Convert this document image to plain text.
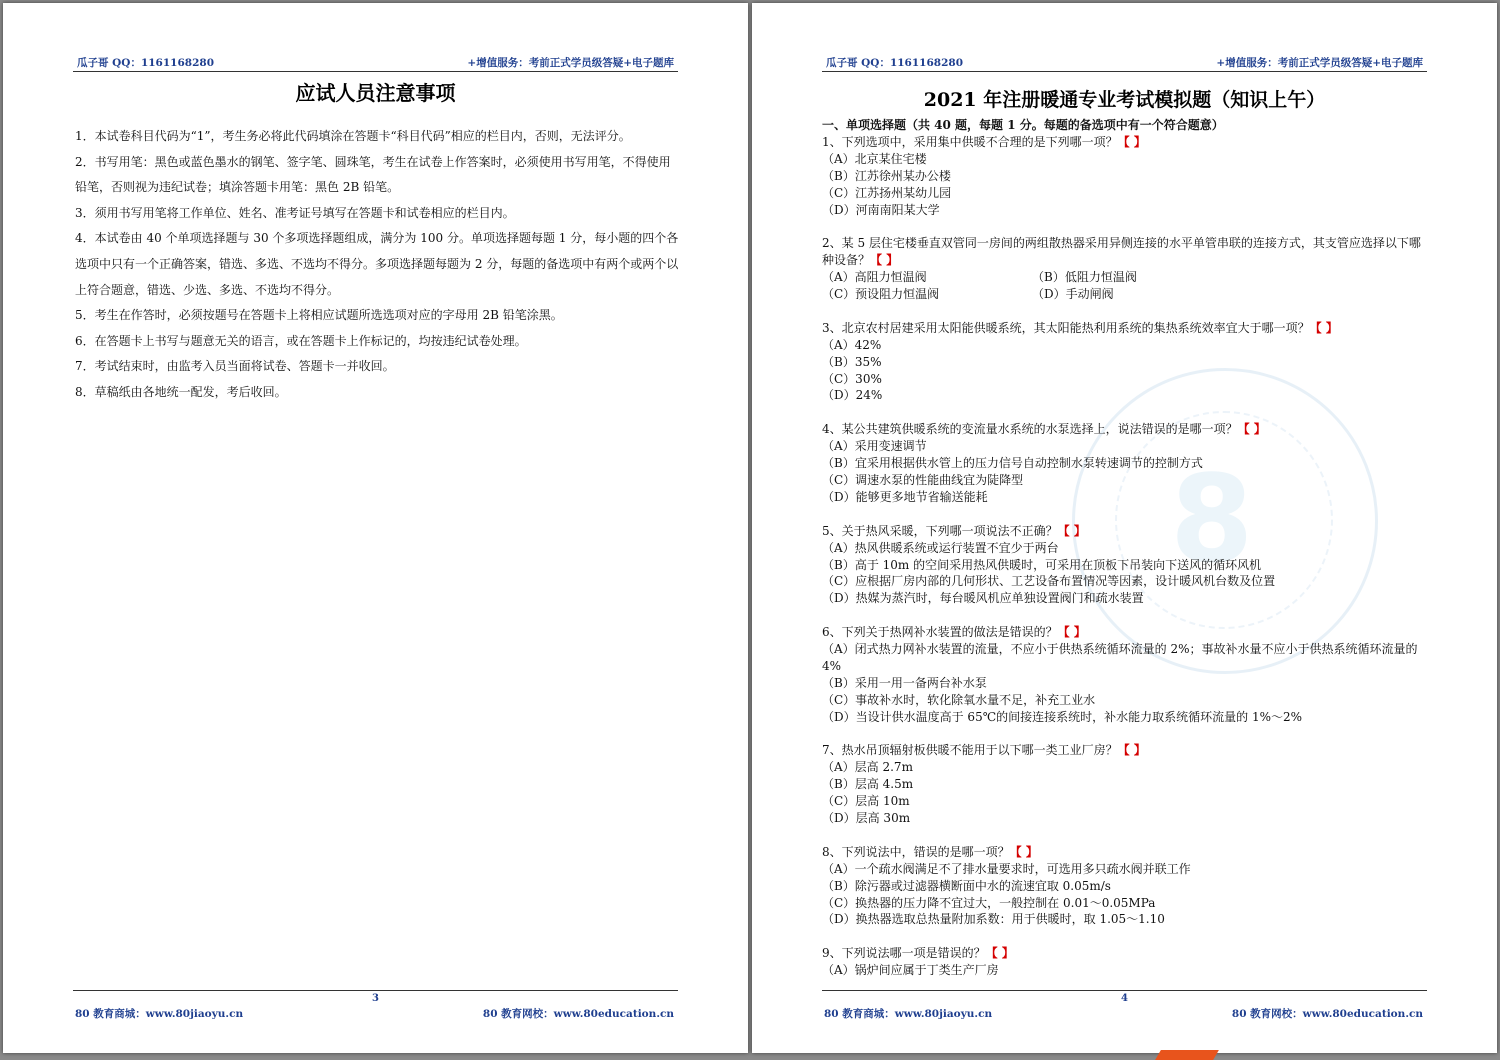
瓜子哥 QQ：1161168280	+增值服务：考前正式学员级答疑+电子题库
应试人员注意事项

1．本试卷科目代码为“1”，考生务必将此代码填涂在答题卡“科目代码”相应的栏目内，否则，无法评分。

2．书写用笔：黑色或蓝色墨水的钢笔、签字笔、圆珠笔，考生在试卷上作答案时，必须使用书写用笔，不得使用铅笔，否则视为违纪试卷；填涂答题卡用笔：黑色 2B 铅笔。

3．须用书写用笔将工作单位、姓名、准考证号填写在答题卡和试卷相应的栏目内。

4．本试卷由 40 个单项选择题与 30 个多项选择题组成，满分为 100 分。单项选择题每题 1 分，每小题的四个各选项中只有一个正确答案，错选、多选、不选均不得分。多项选择题每题为 2 分，每题的备选项中有两个或两个以上符合题意，错选、少选、多选、不选均不得分。

5．考生在作答时，必须按题号在答题卡上将相应试题所选选项对应的字母用 2B 铅笔涂黑。

6．在答题卡上书写与题意无关的语言，或在答题卡上作标记的，均按违纪试卷处理。

7．考试结束时，由监考入员当面将试卷、答题卡一并收回。

8．草稿纸由各地统一配发，考后收回。

3
80 教育商城：www.80jiaoyu.cn	80 教育网校：www.80education.cn
8
瓜子哥 QQ：1161168280	+增值服务：考前正式学员级答疑+电子题库
2021 年注册暖通专业考试模拟题（知识上午）

一、单项选择题（共 40 题，每题 1 分。每题的备选项中有一个符合题意）

1、下列选项中，采用集中供暖不合理的是下列哪一项？【 】

（A）北京某住宅楼

（B）江苏徐州某办公楼

（C）江苏扬州某幼儿园

（D）河南南阳某大学

2、某 5 层住宅楼垂直双管同一房间的两组散热器采用异侧连接的水平单管串联的连接方式，其支管应选择以下哪种设备？【 】

（A）高阻力恒温阀	（B）低阻力恒温阀

（C）预设阻力恒温阀	（D）手动闸阀

3、北京农村居建采用太阳能供暖系统，其太阳能热利用系统的集热系统效率宜大于哪一项？【 】

（A）42%

（B）35%

（C）30%

（D）24%

4、某公共建筑供暖系统的变流量水系统的水泵选择上，说法错误的是哪一项？【 】

（A）采用变速调节

（B）宜采用根据供水管上的压力信号自动控制水泵转速调节的控制方式

（C）调速水泵的性能曲线宜为陡降型

（D）能够更多地节省输送能耗

5、关于热风采暖，下列哪一项说法不正确？【 】

（A）热风供暖系统或运行装置不宜少于两台

（B）高于 10m 的空间采用热风供暖时，可采用在顶板下吊装向下送风的循环风机

（C）应根据厂房内部的几何形状、工艺设备布置情况等因素，设计暖风机台数及位置

（D）热媒为蒸汽时，每台暖风机应单独设置阀门和疏水装置

6、下列关于热网补水装置的做法是错误的？【 】

（A）闭式热力网补水装置的流量，不应小于供热系统循环流量的 2%；事故补水量不应小于供热系统循环流量的 4%

（B）采用一用一备两台补水泵

（C）事故补水时，软化除氧水量不足，补充工业水

（D）当设计供水温度高于 65℃的间接连接系统时，补水能力取系统循环流量的 1%～2%

7、热水吊顶辐射板供暖不能用于以下哪一类工业厂房？【 】

（A）层高 2.7m

（B）层高 4.5m

（C）层高 10m

（D）层高 30m

8、下列说法中，错误的是哪一项？【 】

（A）一个疏水阀满足不了排水量要求时，可选用多只疏水阀并联工作

（B）除污器或过滤器横断面中水的流速宜取 0.05m/s

（C）换热器的压力降不宜过大，一般控制在 0.01～0.05MPa

（D）换热器选取总热量附加系数：用于供暖时，取 1.05～1.10

9、下列说法哪一项是错误的？【 】

（A）锅炉间应属于丁类生产厂房

4
80 教育商城：www.80jiaoyu.cn	80 教育网校：www.80education.cn
